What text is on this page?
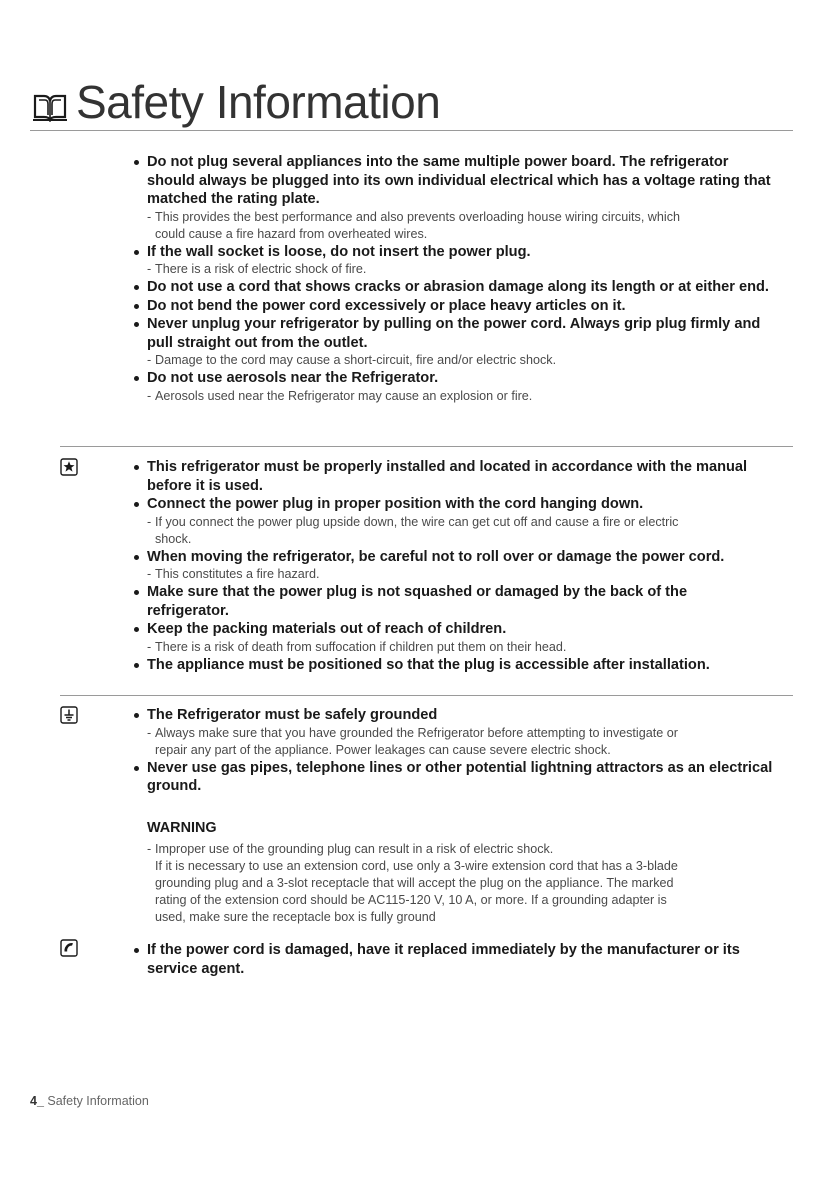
Safety Information
Do not plug several appliances into the same multiple power board. The refrigerator
should always be plugged into its own individual electrical which has a voltage rating that
matched the rating plate.
- This provides the best performance and also prevents overloading house wiring circuits, which
could cause a fire hazard from overheated wires.
If the wall socket is loose, do not insert the power plug.
- There is a risk of electric shock of fire.
Do not use a cord that shows cracks or abrasion damage along its length or at either end.
Do not bend the power cord excessively or place heavy articles on it.
Never unplug your refrigerator by pulling on the power cord. Always grip plug firmly and
pull straight out from the outlet.
- Damage to the cord may cause a short-circuit, fire and/or electric shock.
Do not use aerosols near the Refrigerator.
- Aerosols used near the Refrigerator may cause an explosion or fire.
This refrigerator must be properly installed and located in accordance with the manual
before it is used.
Connect the power plug in proper position with the cord hanging down.
- If you connect the power plug upside down, the wire can get cut off and cause a fire or electric
shock.
When moving the refrigerator, be careful not to roll over or damage the power cord.
- This constitutes a fire hazard.
Make sure that the power plug is not squashed or damaged by the back of the
refrigerator.
Keep the packing materials out of reach of children.
- There is a risk of death from suffocation if children put them on their head.
The appliance must be positioned so that the plug is accessible after installation.
The Refrigerator must be safely grounded
- Always make sure that you have grounded the Refrigerator before attempting to investigate or
repair any part of the appliance. Power leakages can cause severe electric shock.
Never use gas pipes, telephone lines or other potential lightning attractors as an electrical
ground.
WARNING
- Improper use of the grounding plug can result in a risk of electric shock.
If it is necessary to use an extension cord, use only a 3-wire extension cord that has a 3-blade
grounding plug and a 3-slot receptacle that will accept the plug on the appliance. The marked
rating of the extension cord should be AC115-120 V, 10 A, or more. If a grounding adapter is
used, make sure the receptacle box is fully ground
If the power cord is damaged, have it replaced immediately by the manufacturer or its
service agent.
4_ Safety Information
